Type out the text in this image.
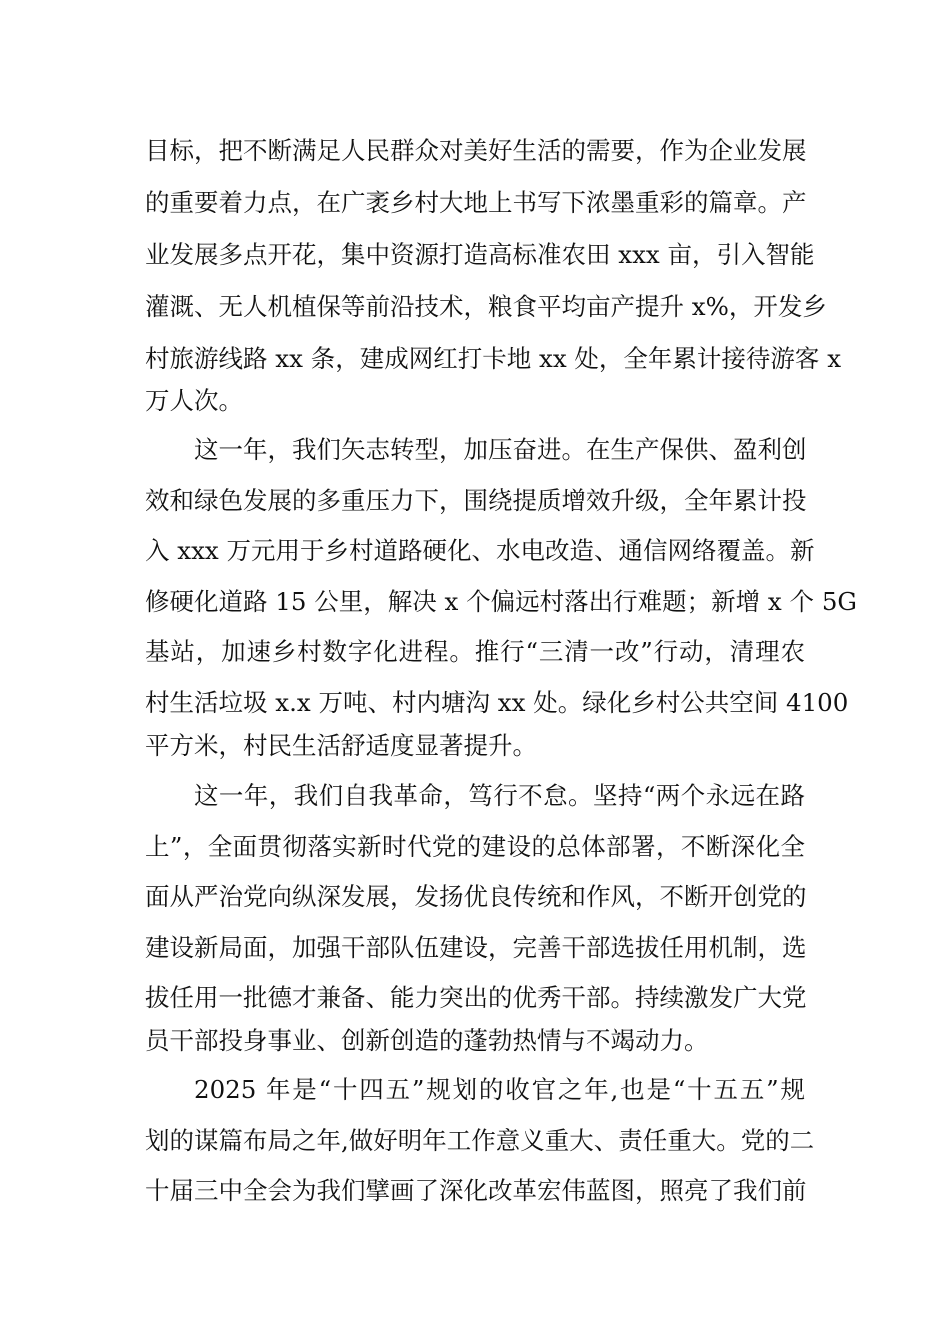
目标，把不断满足人民群众对美好生活的需要，作为企业发展
的重要着力点，在广袤乡村大地上书写下浓墨重彩的篇章。产
业发展多点开花，集中资源打造高标准农田 xxx 亩，引入智能
灌溉、无人机植保等前沿技术，粮食平均亩产提升 x%，开发乡
村旅游线路 xx 条，建成网红打卡地 xx 处，全年累计接待游客 x
万人次。
这一年，我们矢志转型，加压奋进。在生产保供、盈利创
效和绿色发展的多重压力下，围绕提质增效升级，全年累计投
入 xxx 万元用于乡村道路硬化、水电改造、通信网络覆盖。新
修硬化道路 15 公里，解决 x 个偏远村落出行难题；新增 x 个 5G
基站，加速乡村数字化进程。推行“三清一改”行动，清理农
村生活垃圾 x.x 万吨、村内塘沟 xx 处。绿化乡村公共空间 4100
平方米，村民生活舒适度显著提升。
这一年，我们自我革命，笃行不怠。坚持“两个永远在路
上”，全面贯彻落实新时代党的建设的总体部署，不断深化全
面从严治党向纵深发展，发扬优良传统和作风，不断开创党的
建设新局面，加强干部队伍建设，完善干部选拔任用机制，选
拔任用一批德才兼备、能力突出的优秀干部。持续激发广大党
员干部投身事业、创新创造的蓬勃热情与不竭动力。
2025 年是“十四五”规划的收官之年,也是“十五五”规
划的谋篇布局之年,做好明年工作意义重大、责任重大。党的二
十届三中全会为我们擘画了深化改革宏伟蓝图，照亮了我们前
